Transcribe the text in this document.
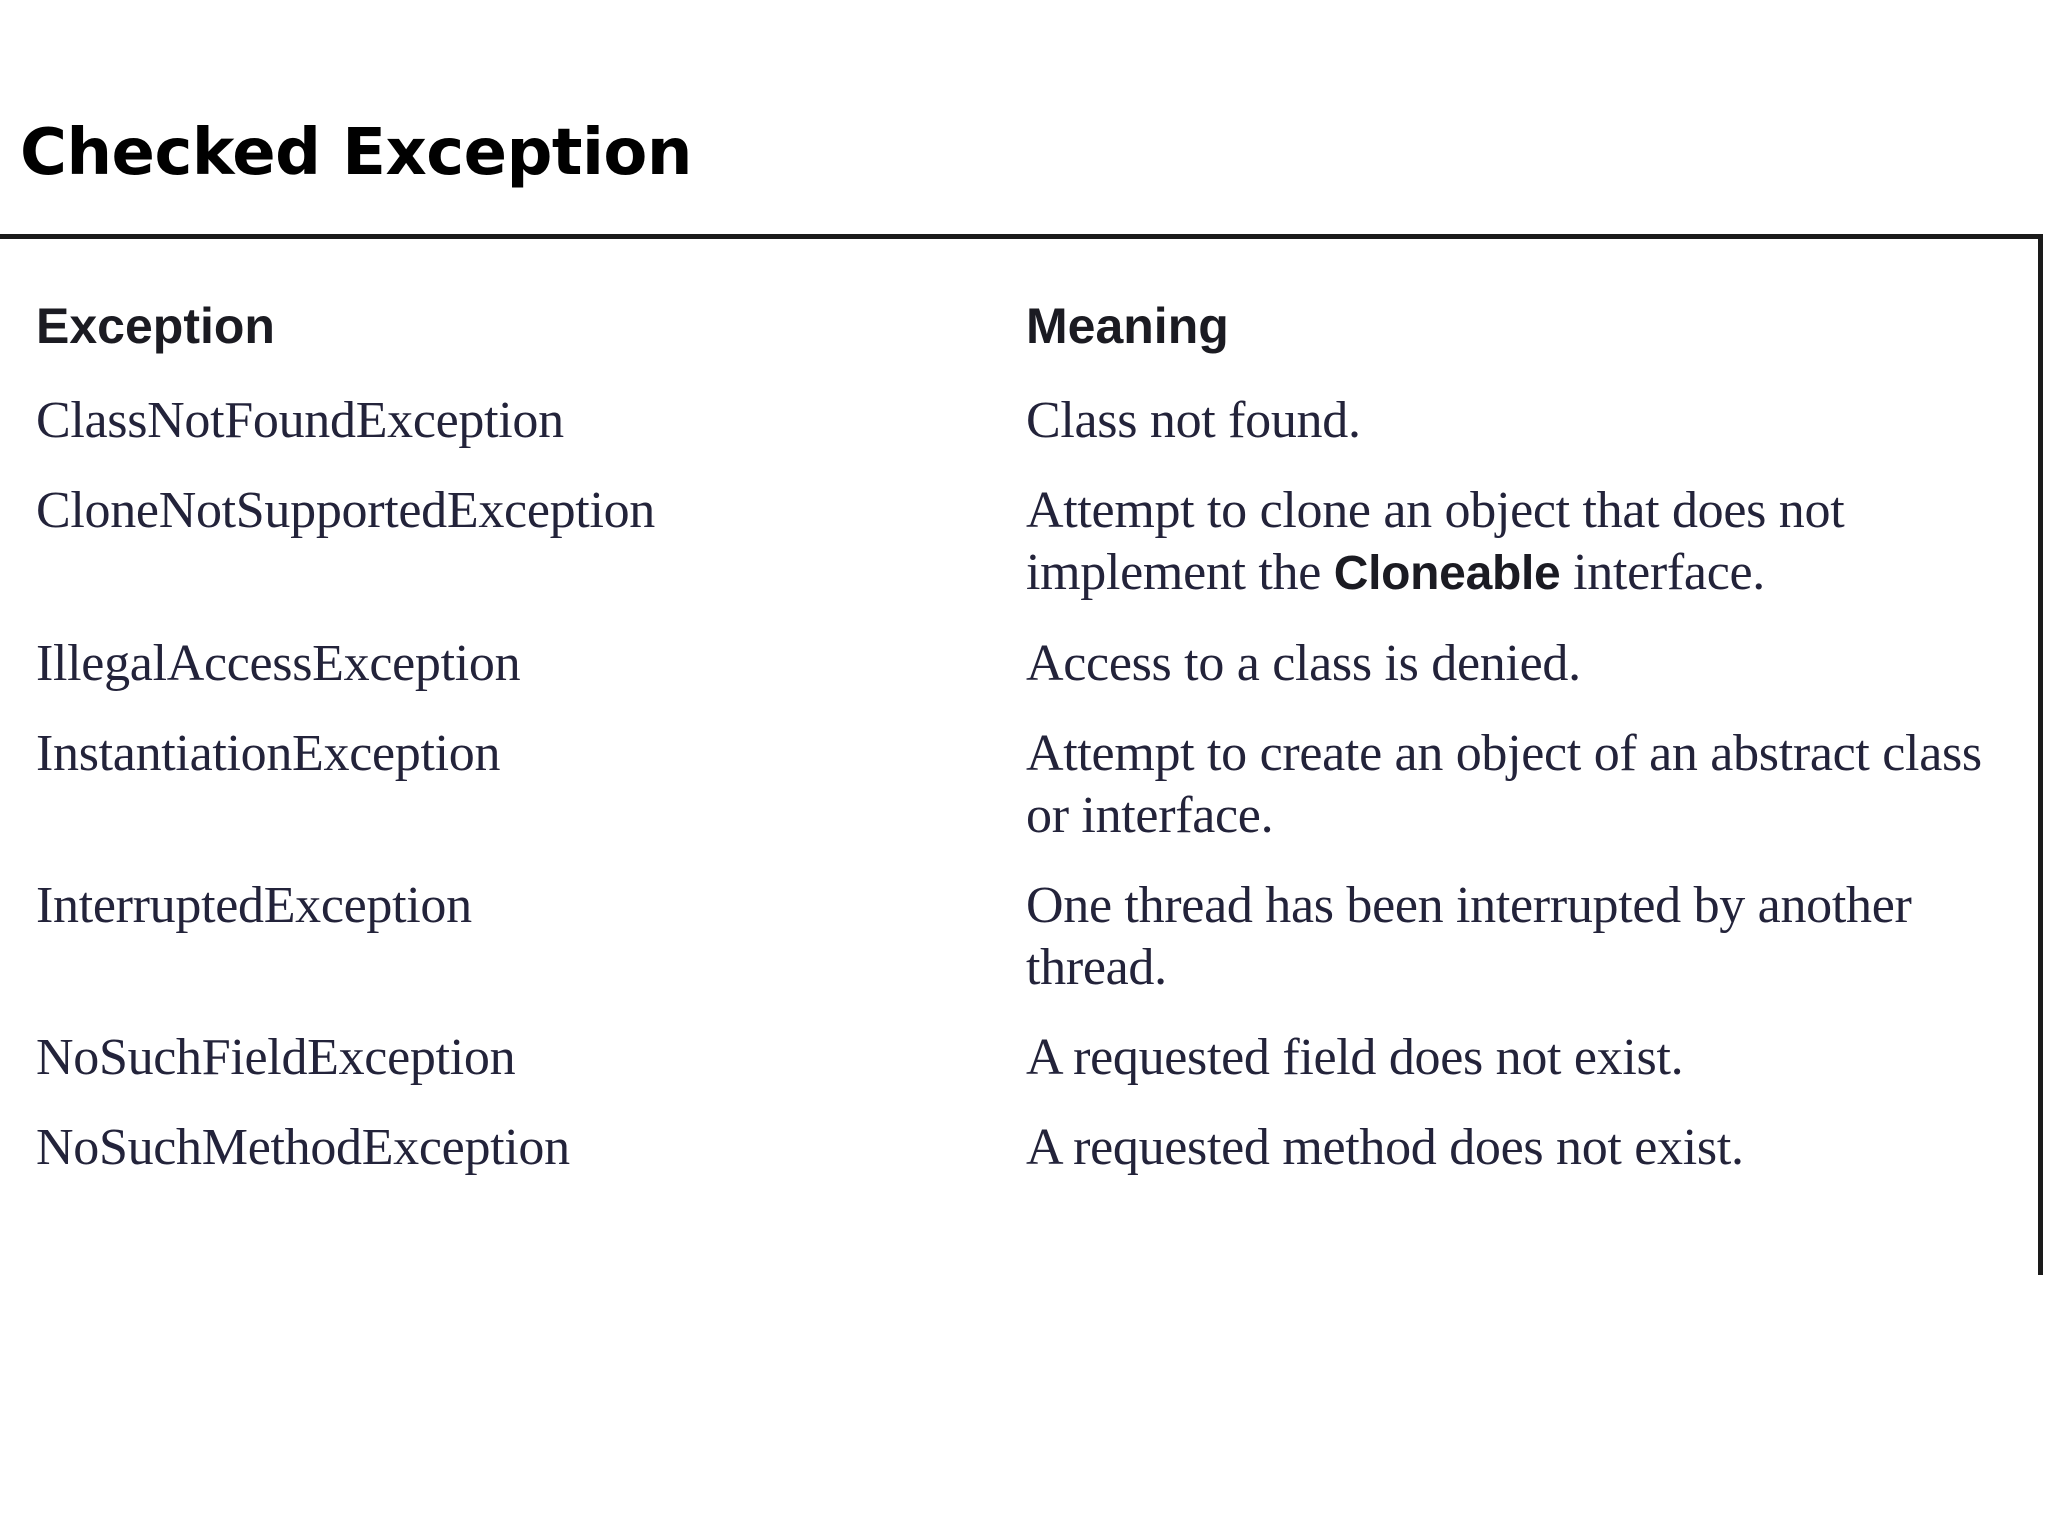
Checked Exception
Exception	Meaning
ClassNotFoundException	Class not found.
CloneNotSupportedException	Attempt to clone an object that does not implement the Cloneable interface.
IllegalAccessException	Access to a class is denied.
InstantiationException	Attempt to create an object of an abstract class or interface.
InterruptedException	One thread has been interrupted by another thread.
NoSuchFieldException	A requested field does not exist.
NoSuchMethodException	A requested method does not exist.
